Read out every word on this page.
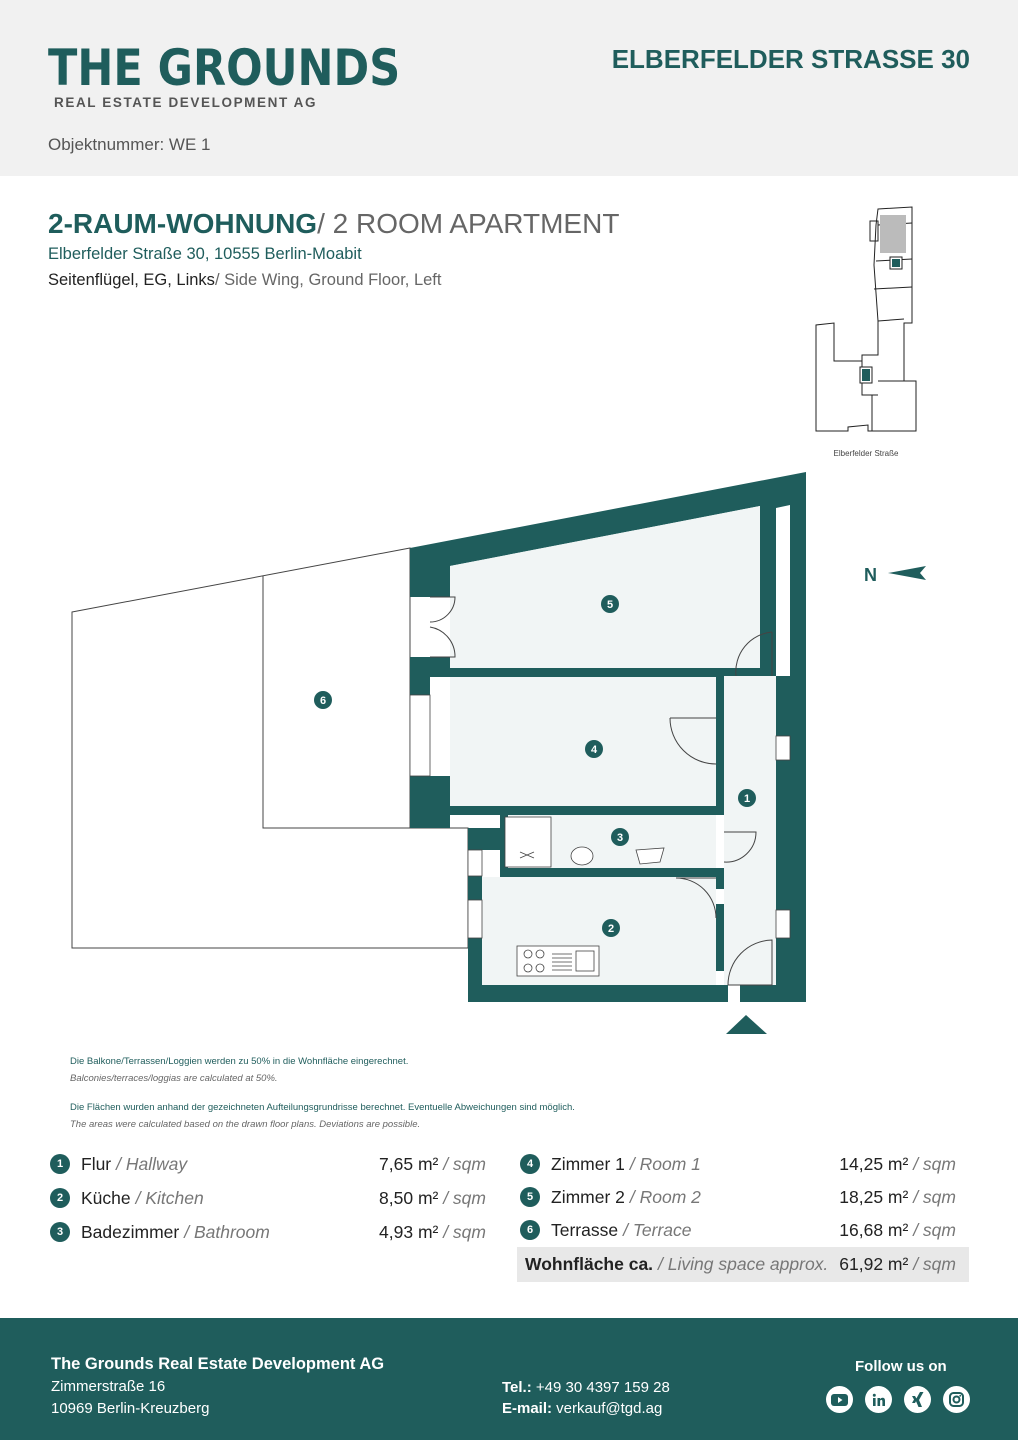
THE GROUNDS
REAL ESTATE DEVELOPMENT AG
ELBERFELDER STRASSE 30
Objektnummer: WE 1
2-RAUM-WOHNUNG/ 2 ROOM APARTMENT
Elberfelder Straße 30, 10555 Berlin-Moabit
Seitenflügel, EG, Links/ Side Wing, Ground Floor, Left
Elberfelder Straße
5
4
1
3
2
6
N
Die Balkone/Terrassen/Loggien werden zu 50% in die Wohnfläche eingerechnet.
Balconies/terraces/loggias are calculated at 50%.
Die Flächen wurden anhand der gezeichneten Aufteilungsgrundrisse berechnet. Eventuelle Abweichungen sind möglich.
The areas were calculated based on the drawn floor plans. Deviations are possible.
1	Flur / Hallway	7,65 m² / sqm
2	Küche / Kitchen	8,50 m² / sqm
3	Badezimmer / Bathroom	4,93 m² / sqm
4	Zimmer 1 / Room 1	14,25 m² / sqm
5	Zimmer 2 / Room 2	18,25 m² / sqm
6	Terrasse / Terrace	16,68 m² / sqm
Wohnfläche ca. / Living space approx. 61,92 m² / sqm
The Grounds Real Estate Development AG
Zimmerstraße 16
10969 Berlin-Kreuzberg
Tel.: +49 30 4397 159 28
E-mail: verkauf@tgd.ag
Follow us on
